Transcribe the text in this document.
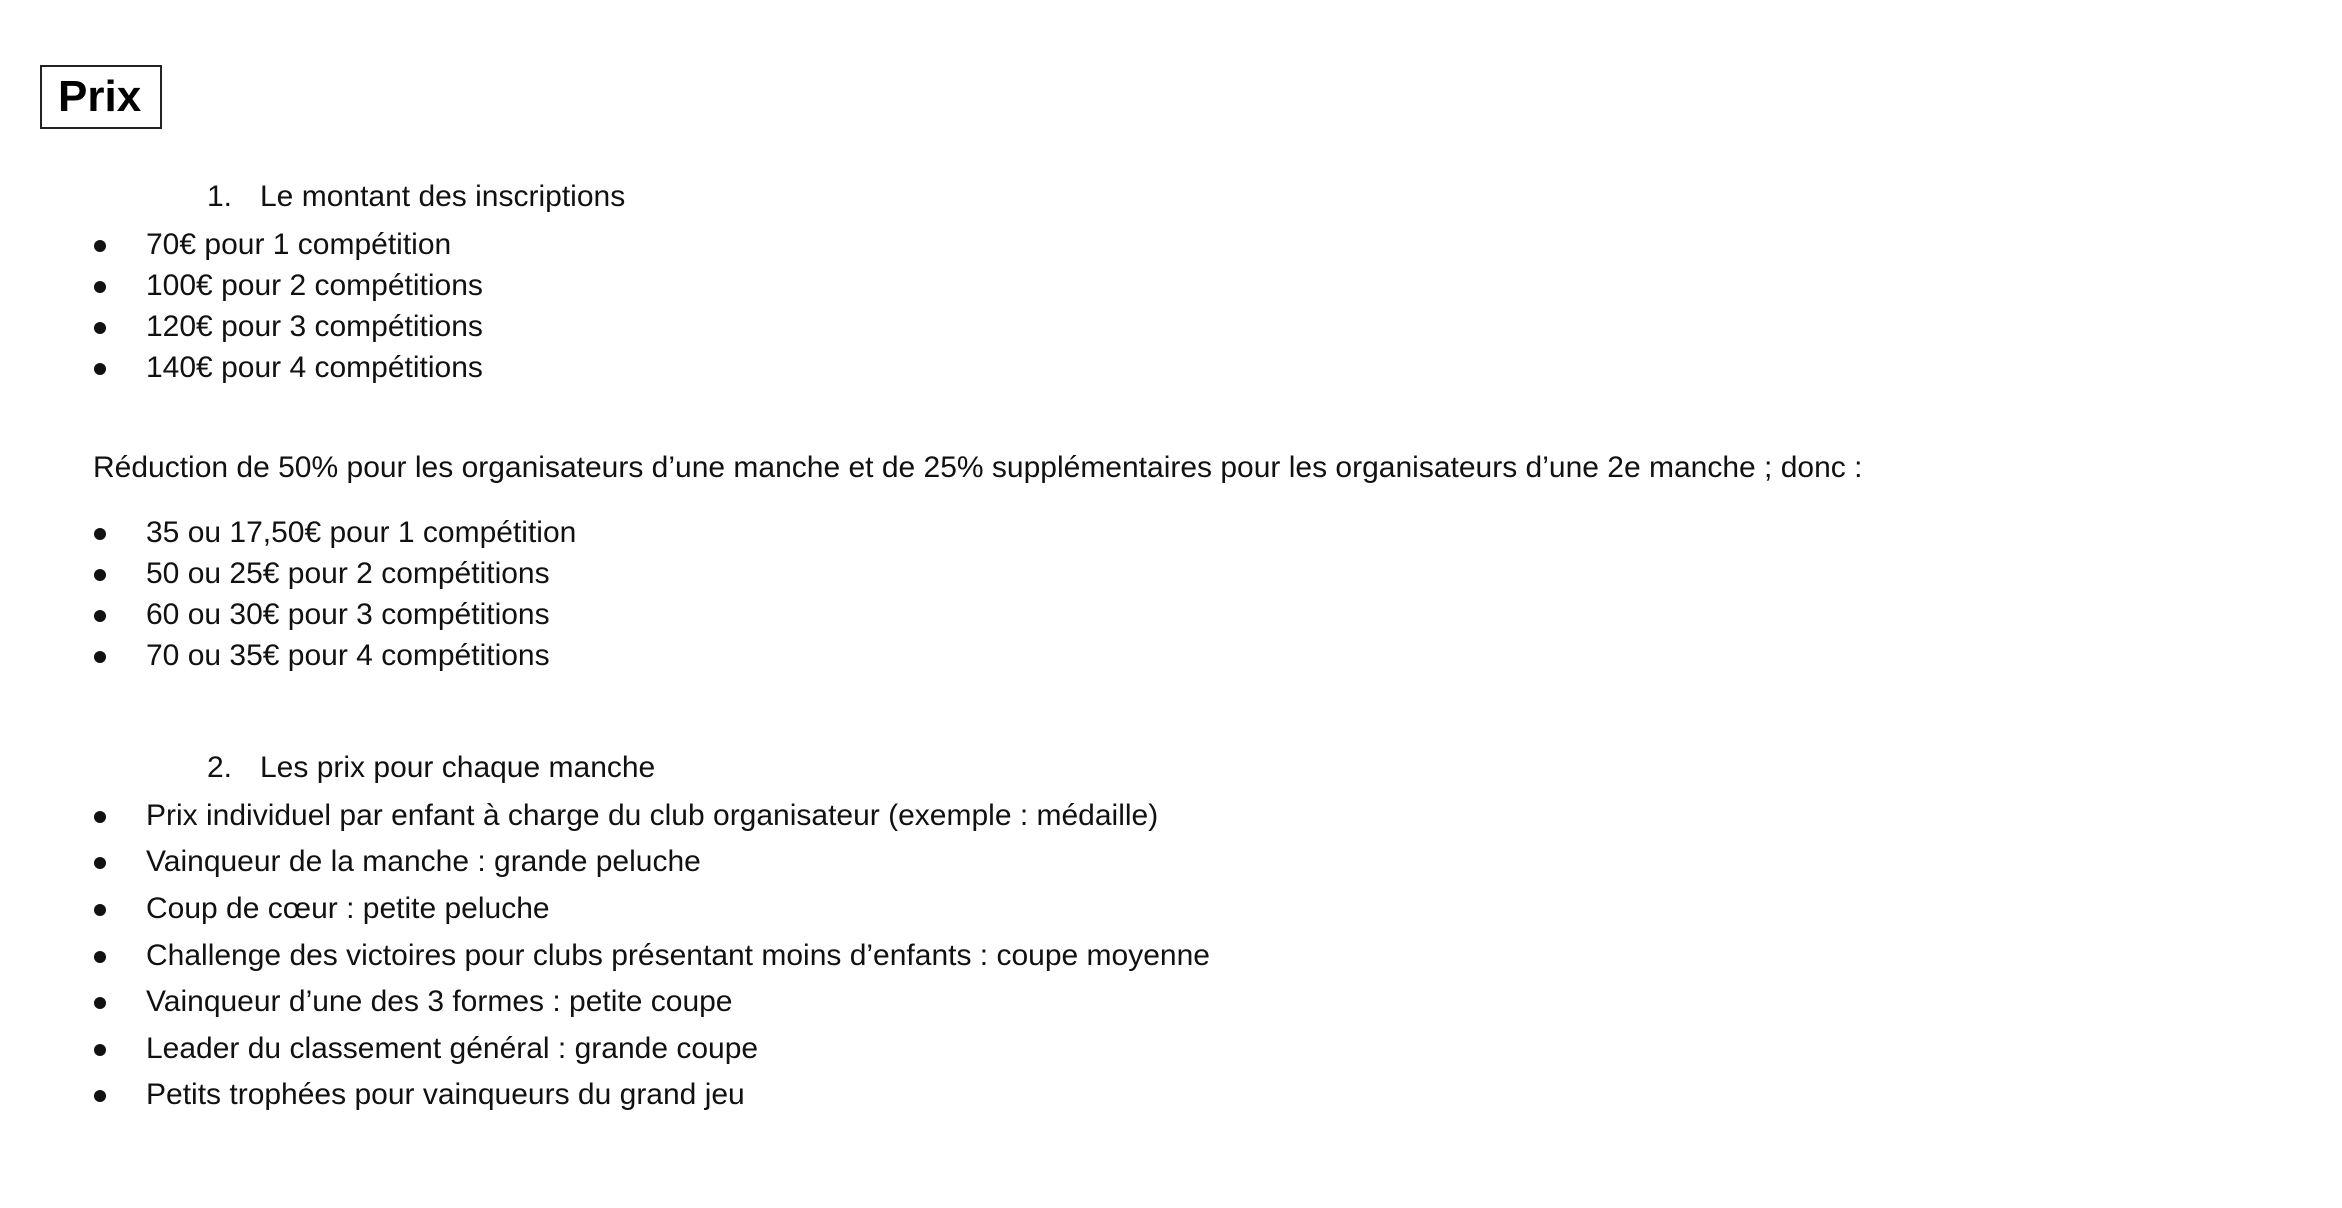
Prix
1. Le montant des inscriptions
70€ pour 1 compétition
100€ pour 2 compétitions
120€ pour 3 compétitions
140€ pour 4 compétitions
Réduction de 50% pour les organisateurs d’une manche et de 25% supplémentaires pour les organisateurs d’une 2e manche ; donc :
35 ou 17,50€ pour 1 compétition
50 ou 25€ pour 2 compétitions
60 ou 30€ pour 3 compétitions
70 ou 35€ pour 4 compétitions
2. Les prix pour chaque manche
Prix individuel par enfant à charge du club organisateur (exemple : médaille)
Vainqueur de la manche : grande peluche
Coup de cœur : petite peluche
Challenge des victoires pour clubs présentant moins d’enfants : coupe moyenne
Vainqueur d’une des 3 formes : petite coupe
Leader du classement général : grande coupe
Petits trophées pour vainqueurs du grand jeu
